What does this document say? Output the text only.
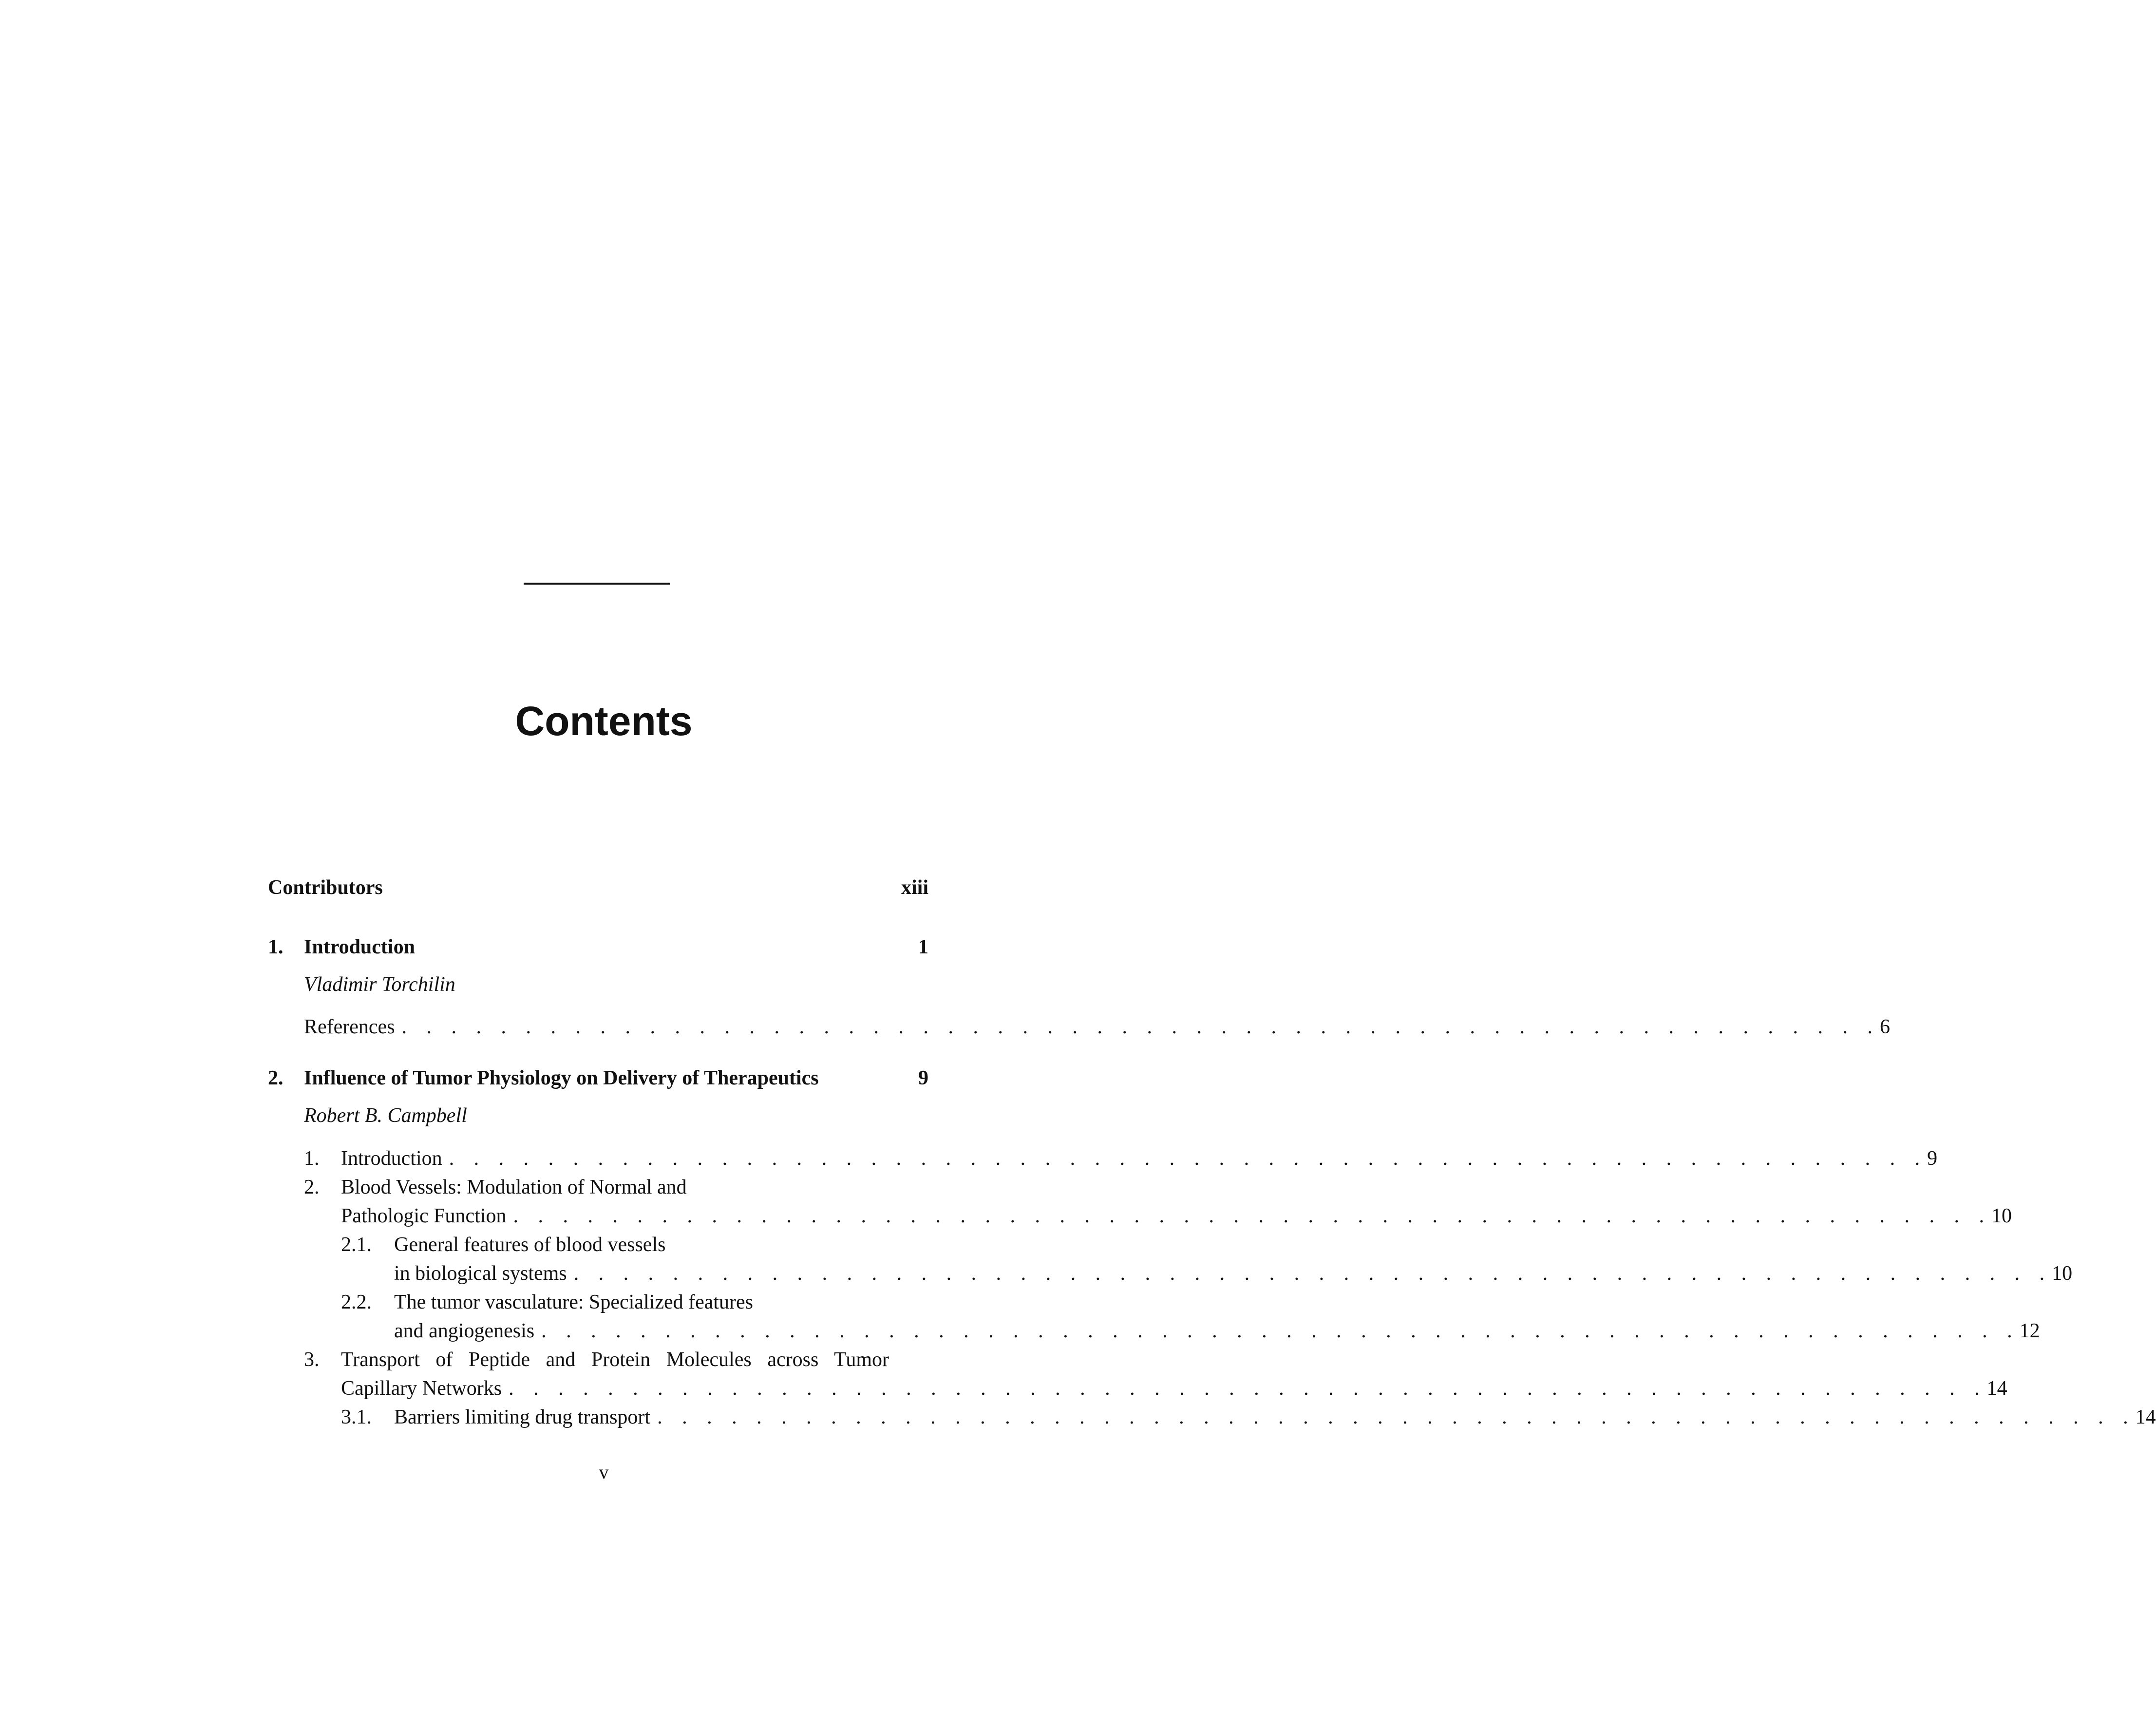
Contents
Contributors	xiii
1. Introduction	1
Vladimir Torchilin
References . . . . . . . . . . . . . . . . . . . . . . . . . . . . . . . . . . . . . . . . . . . . . . . . . . . . . . . . . . . . 6
2. Influence of Tumor Physiology on Delivery of Therapeutics	9
Robert B. Campbell
1. Introduction . . . . . . . . . . . . . . . . . . . . . . . . . . . . . . . . . . . . . . . . . . . . . . . . . . . . . . . . . . . . 9
2. Blood Vessels: Modulation of Normal and
Pathologic Function . . . . . . . . . . . . . . . . . . . . . . . . . . . . . . . . . . . . . . . . . . . . . . . . . . . . . . . . . . . . 10
2.1. General features of blood vessels
in biological systems . . . . . . . . . . . . . . . . . . . . . . . . . . . . . . . . . . . . . . . . . . . . . . . . . . . . . . . . . . . . 10
2.2. The tumor vasculature: Specialized features
and angiogenesis . . . . . . . . . . . . . . . . . . . . . . . . . . . . . . . . . . . . . . . . . . . . . . . . . . . . . . . . . . . . 12
3. Transport of Peptide and Protein Molecules across Tumor
Capillary Networks . . . . . . . . . . . . . . . . . . . . . . . . . . . . . . . . . . . . . . . . . . . . . . . . . . . . . . . . . . . . 14
3.1. Barriers limiting drug transport . . . . . . . . . . . . . . . . . . . . . . . . . . . . . . . . . . . . . . . . . . . . . . . . . . . . . . . . . . . . 14
v
